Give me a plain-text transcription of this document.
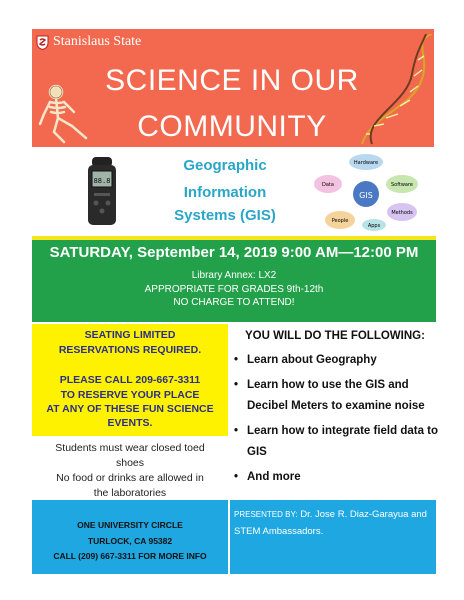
Stanislaus State
SCIENCE IN OUR
COMMUNITY
88.8
Geographic
Information
Systems (GIS)
GIS
Hardware
Software
Data
People
Methods
Apps
SATURDAY, September 14, 2019 9:00 AM—12:00 PM
Library Annex: LX2
APPROPRIATE FOR GRADES 9th-12th
NO CHARGE TO ATTEND!
SEATING LIMITED
RESERVATIONS REQUIRED.
PLEASE CALL 209-667-3311
TO RESERVE YOUR PLACE
AT ANY OF THESE FUN SCIENCE
EVENTS.
Students must wear closed toed
shoes
No food or drinks are allowed in
the laboratories
YOU WILL DO THE FOLLOWING:
• Learn about Geography
• Learn how to use the GIS and Decibel Meters to examine noise
• Learn how to integrate field data to GIS
• And more
ONE UNIVERSITY CIRCLE
TURLOCK, CA 95382
CALL (209) 667-3311 FOR MORE INFO
PRESENTED BY: Dr. Jose R. Diaz-Garayua and STEM Ambassadors.
